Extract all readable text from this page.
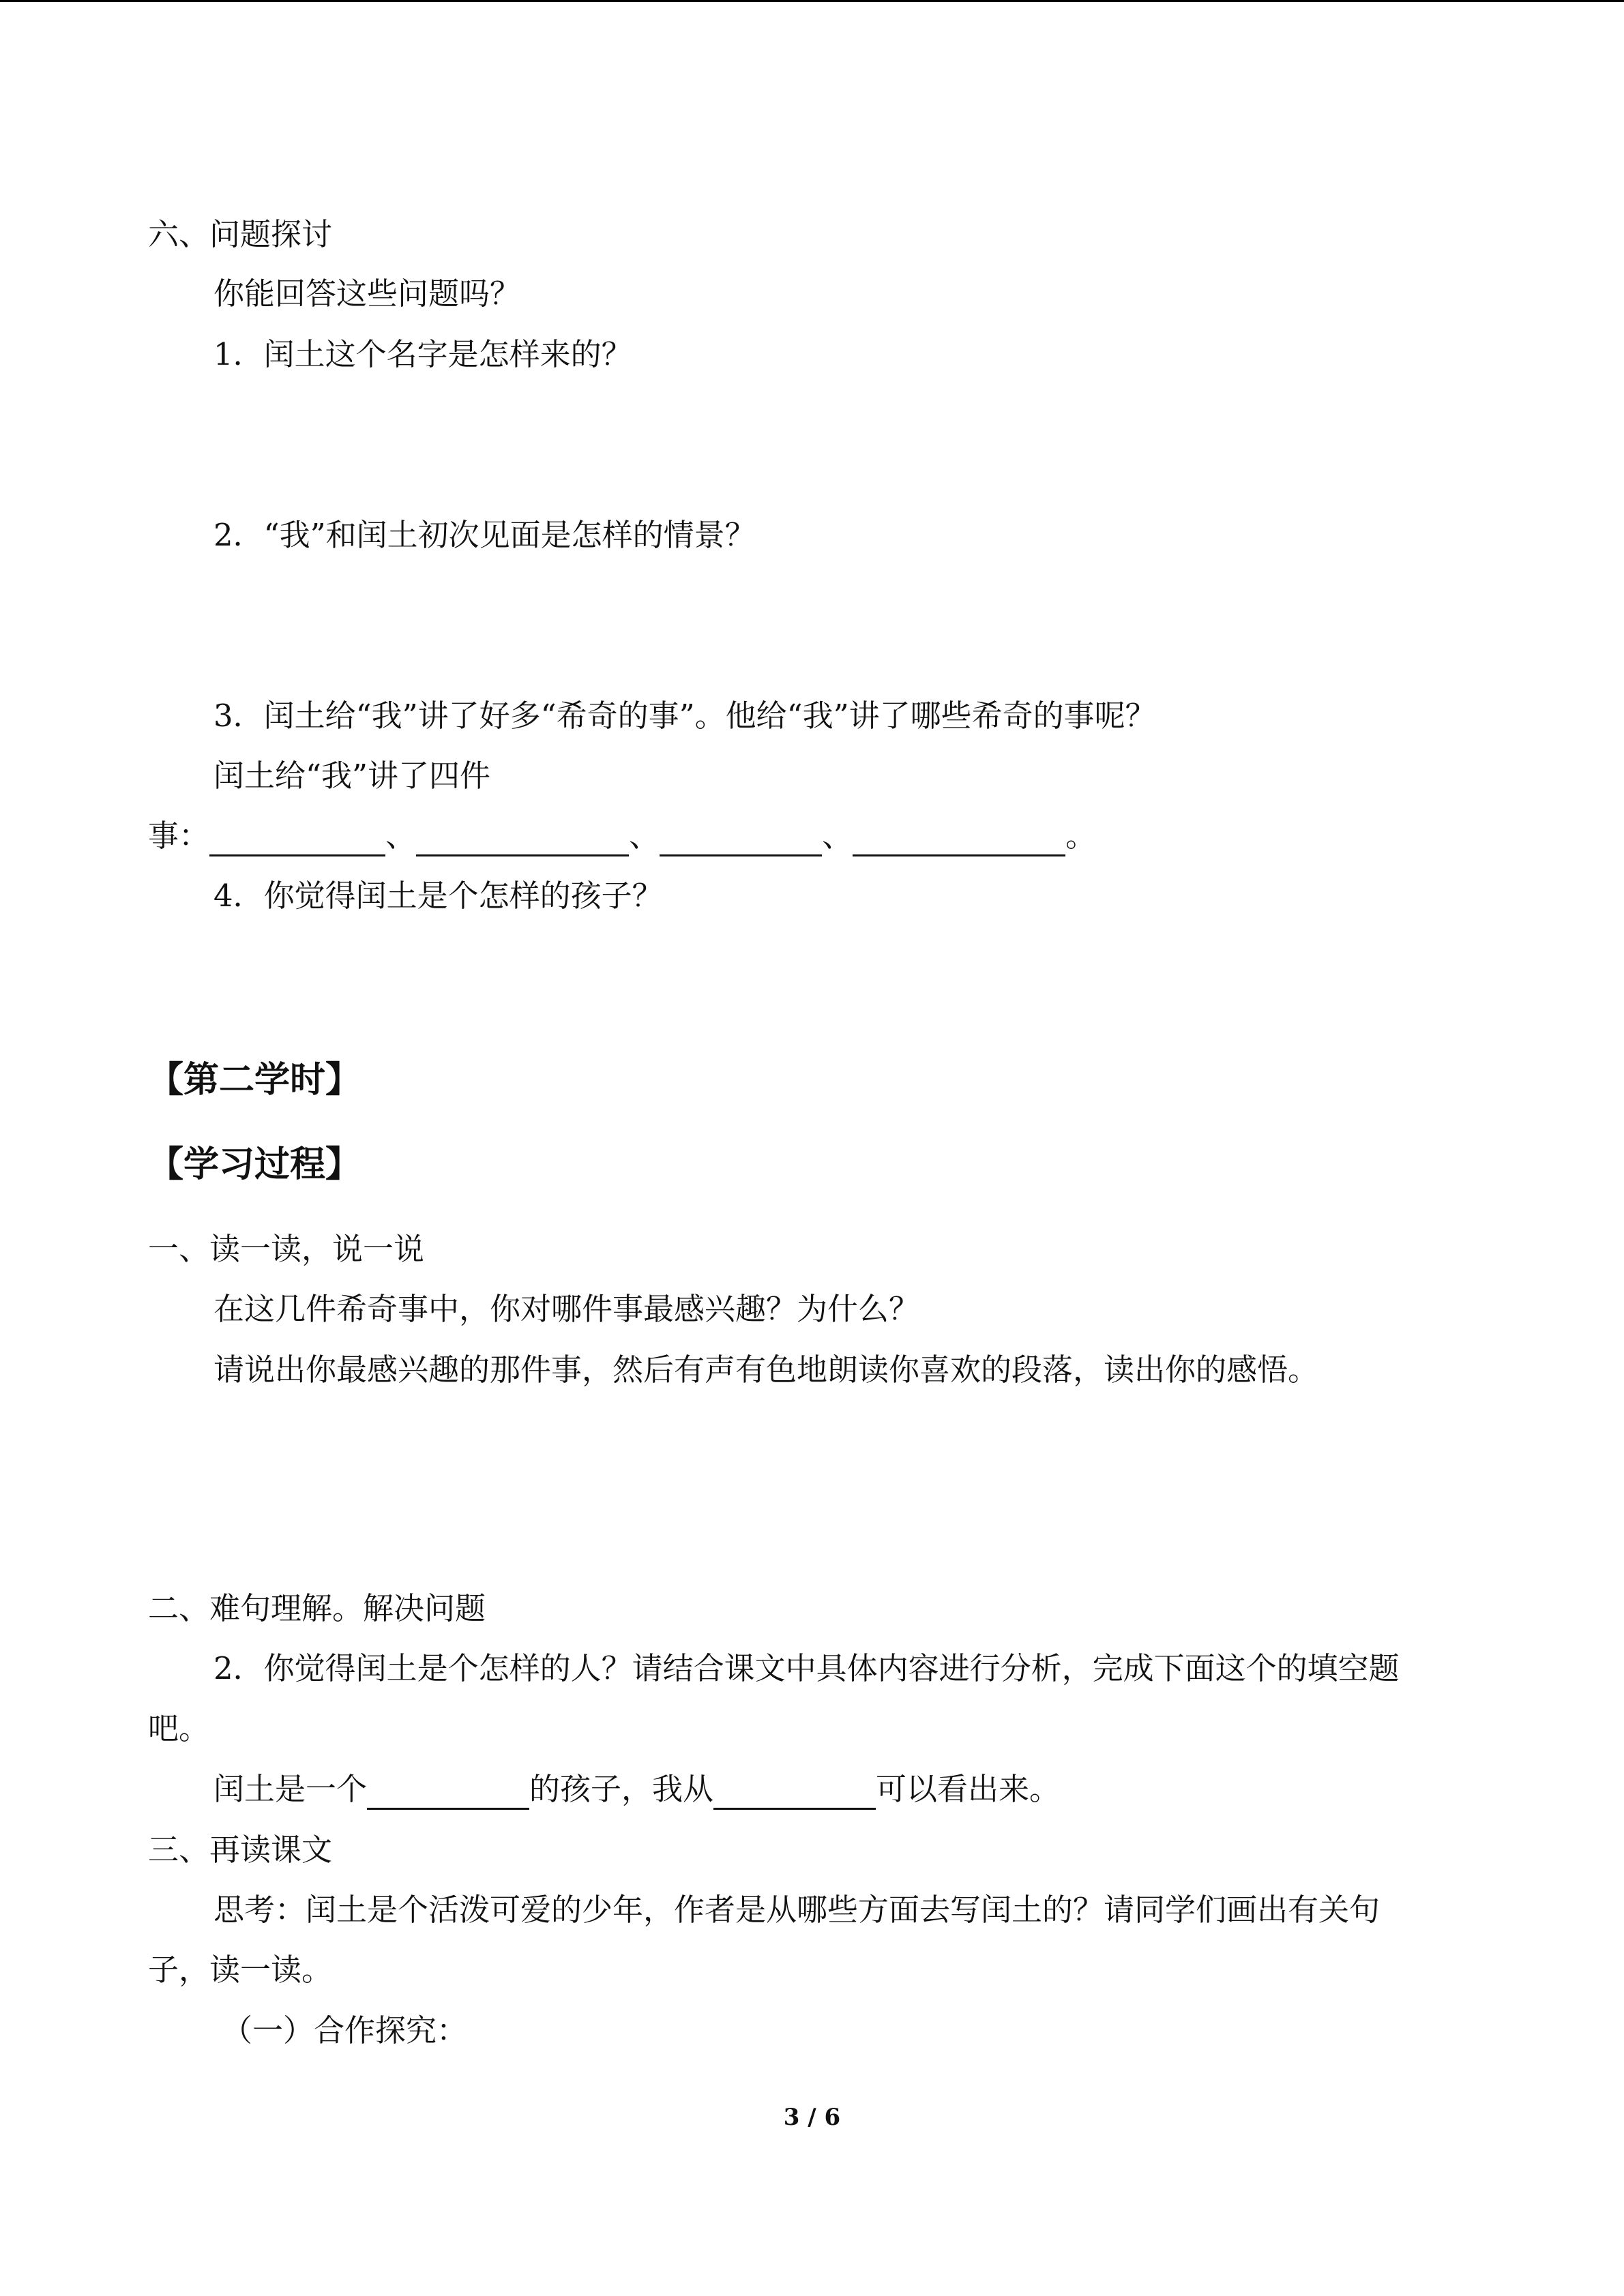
六、问题探讨
你能回答这些问题吗？
1．闰土这个名字是怎样来的？
2．“我”和闰土初次见面是怎样的情景？
3．闰土给“我”讲了好多“希奇的事”。他给“我”讲了哪些希奇的事呢？
闰土给“我”讲了四件
事：	、	、	、	。
4．你觉得闰土是个怎样的孩子？
【第二学时】
【学习过程】
一、读一读，说一说
在这几件希奇事中，你对哪件事最感兴趣？为什么？
请说出你最感兴趣的那件事，然后有声有色地朗读你喜欢的段落，读出你的感悟。
二、难句理解。解决问题
2．你觉得闰土是个怎样的人？请结合课文中具体内容进行分析，完成下面这个的填空题
吧。
闰土是一个	的孩子，我从	可以看出来。
三、再读课文
思考：闰土是个活泼可爱的少年，作者是从哪些方面去写闰土的？请同学们画出有关句
子，读一读。
（一）合作探究：
3 / 6
